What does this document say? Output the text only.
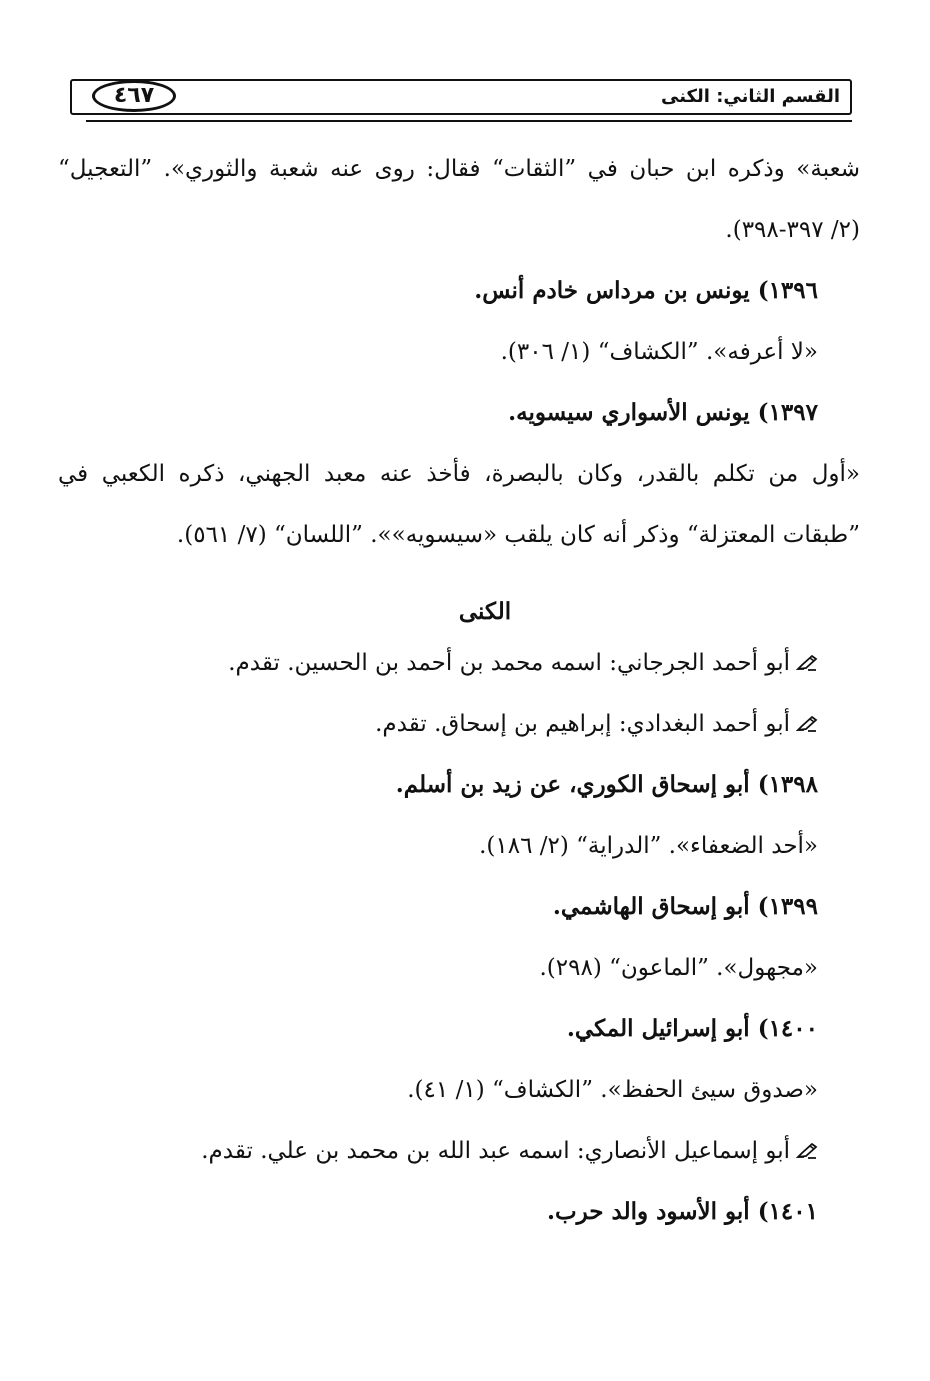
٤٦٧	القسم الثاني: الكنى
شعبة» وذكره ابن حبان في ”الثقات“ فقال: روى عنه شعبة والثوري». ”التعجيل“
(٢/ ٣٩٧-٣٩٨).
١٣٩٦) يونس بن مرداس خادم أنس.
«لا أعرفه». ”الكشاف“ (١/ ٣٠٦).
١٣٩٧) يونس الأسواري سيسويه.
«أول من تكلم بالقدر، وكان بالبصرة، فأخذ عنه معبد الجهني، ذكره الكعبي في
”طبقات المعتزلة“ وذكر أنه كان يلقب «سيسويه»». ”اللسان“ (٧/ ٥٦١).
الكنى
أبو أحمد الجرجاني: اسمه محمد بن أحمد بن الحسين. تقدم.
أبو أحمد البغدادي: إبراهيم بن إسحاق. تقدم.
١٣٩٨) أبو إسحاق الكوري، عن زيد بن أسلم.
«أحد الضعفاء». ”الدراية“ (٢/ ١٨٦).
١٣٩٩) أبو إسحاق الهاشمي.
«مجهول». ”الماعون“ (٢٩٨).
١٤٠٠) أبو إسرائيل المكي.
«صدوق سيئ الحفظ». ”الكشاف“ (١/ ٤١).
أبو إسماعيل الأنصاري: اسمه عبد الله بن محمد بن علي. تقدم.
١٤٠١) أبو الأسود والد حرب.
